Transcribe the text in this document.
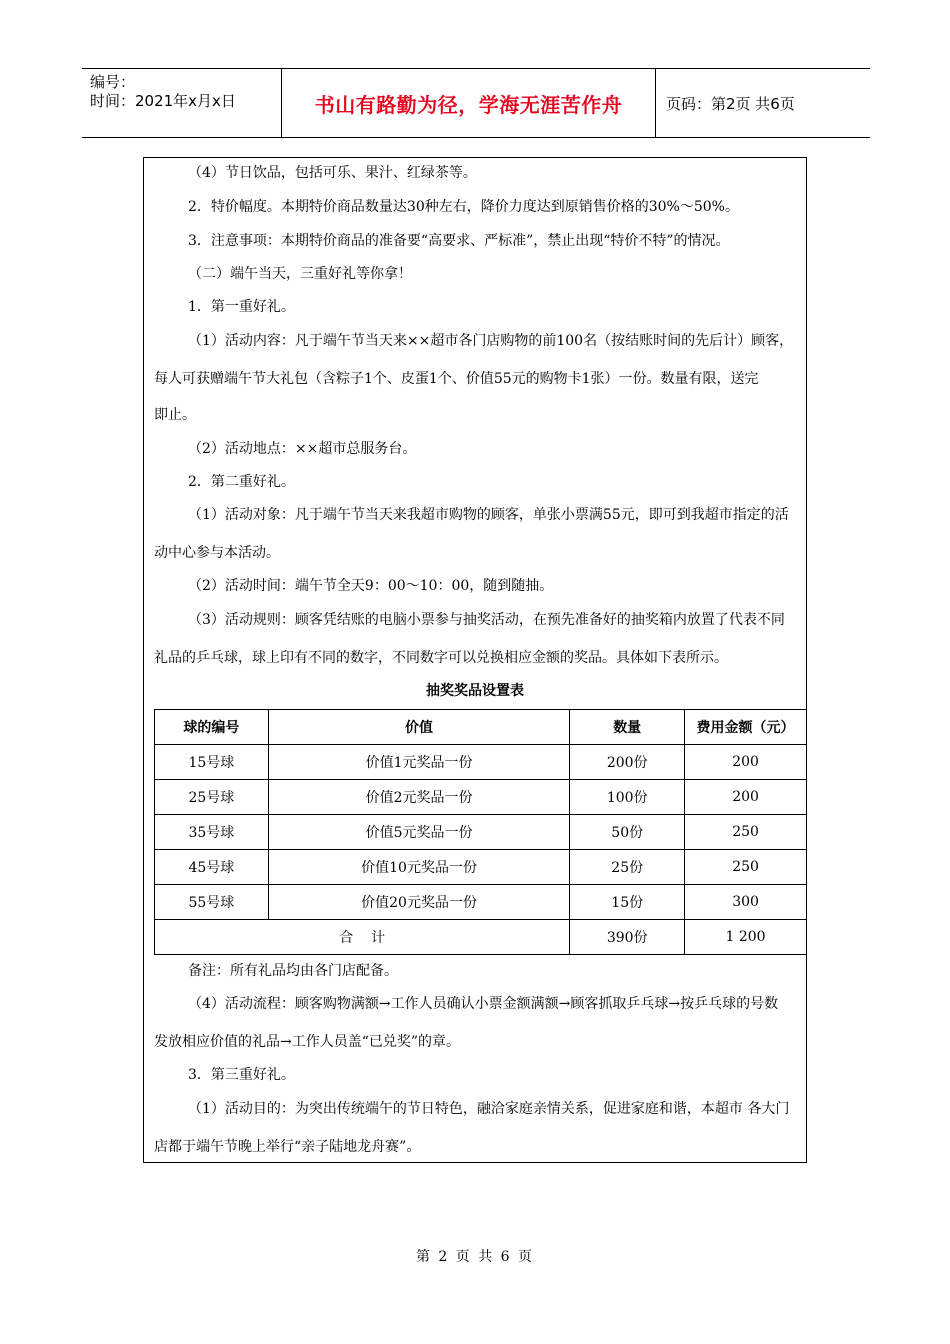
编号：
时间：2021年x月x日	书山有路勤为径，学海无涯苦作舟	页码：第2页 共6页
（4）节日饮品，包括可乐、果汁、红绿茶等。
2．特价幅度。本期特价商品数量达30种左右，降价力度达到原销售价格的30%～50%。
3．注意事项：本期特价商品的准备要“高要求、严标准”，禁止出现“特价不特”的情况。
（二）端午当天，三重好礼等你拿！
1．第一重好礼。
（1）活动内容：凡于端午节当天来××超市各门店购物的前100名（按结账时间的先后计）顾客，
每人可获赠端午节大礼包（含粽子1个、皮蛋1个、价值55元的购物卡1张）一份。数量有限，送完
即止。
（2）活动地点：××超市总服务台。
2．第二重好礼。
（1）活动对象：凡于端午节当天来我超市购物的顾客，单张小票满55元，即可到我超市指定的活
动中心参与本活动。
（2）活动时间：端午节全天9：00～10：00，随到随抽。
（3）活动规则：顾客凭结账的电脑小票参与抽奖活动，在预先准备好的抽奖箱内放置了代表不同
礼品的乒乓球，球上印有不同的数字，不同数字可以兑换相应金额的奖品。具体如下表所示。
抽奖奖品设置表
球的编号	价值	数量	费用金额（元）
15号球	价值1元奖品一份	200份	200
25号球	价值2元奖品一份	100份	200
35号球	价值5元奖品一份	50份	250
45号球	价值10元奖品一份	25份	250
55号球	价值20元奖品一份	15份	300
合    计		390份	1 200
备注：所有礼品均由各门店配备。
（4）活动流程：顾客购物满额→工作人员确认小票金额满额→顾客抓取乒乓球→按乒乓球的号数
发放相应价值的礼品→工作人员盖“已兑奖”的章。
3．第三重好礼。
（1）活动目的：为突出传统端午的节日特色，融洽家庭亲情关系，促进家庭和谐，本超市 各大门
店都于端午节晚上举行“亲子陆地龙舟赛”。
第 2 页 共 6 页
